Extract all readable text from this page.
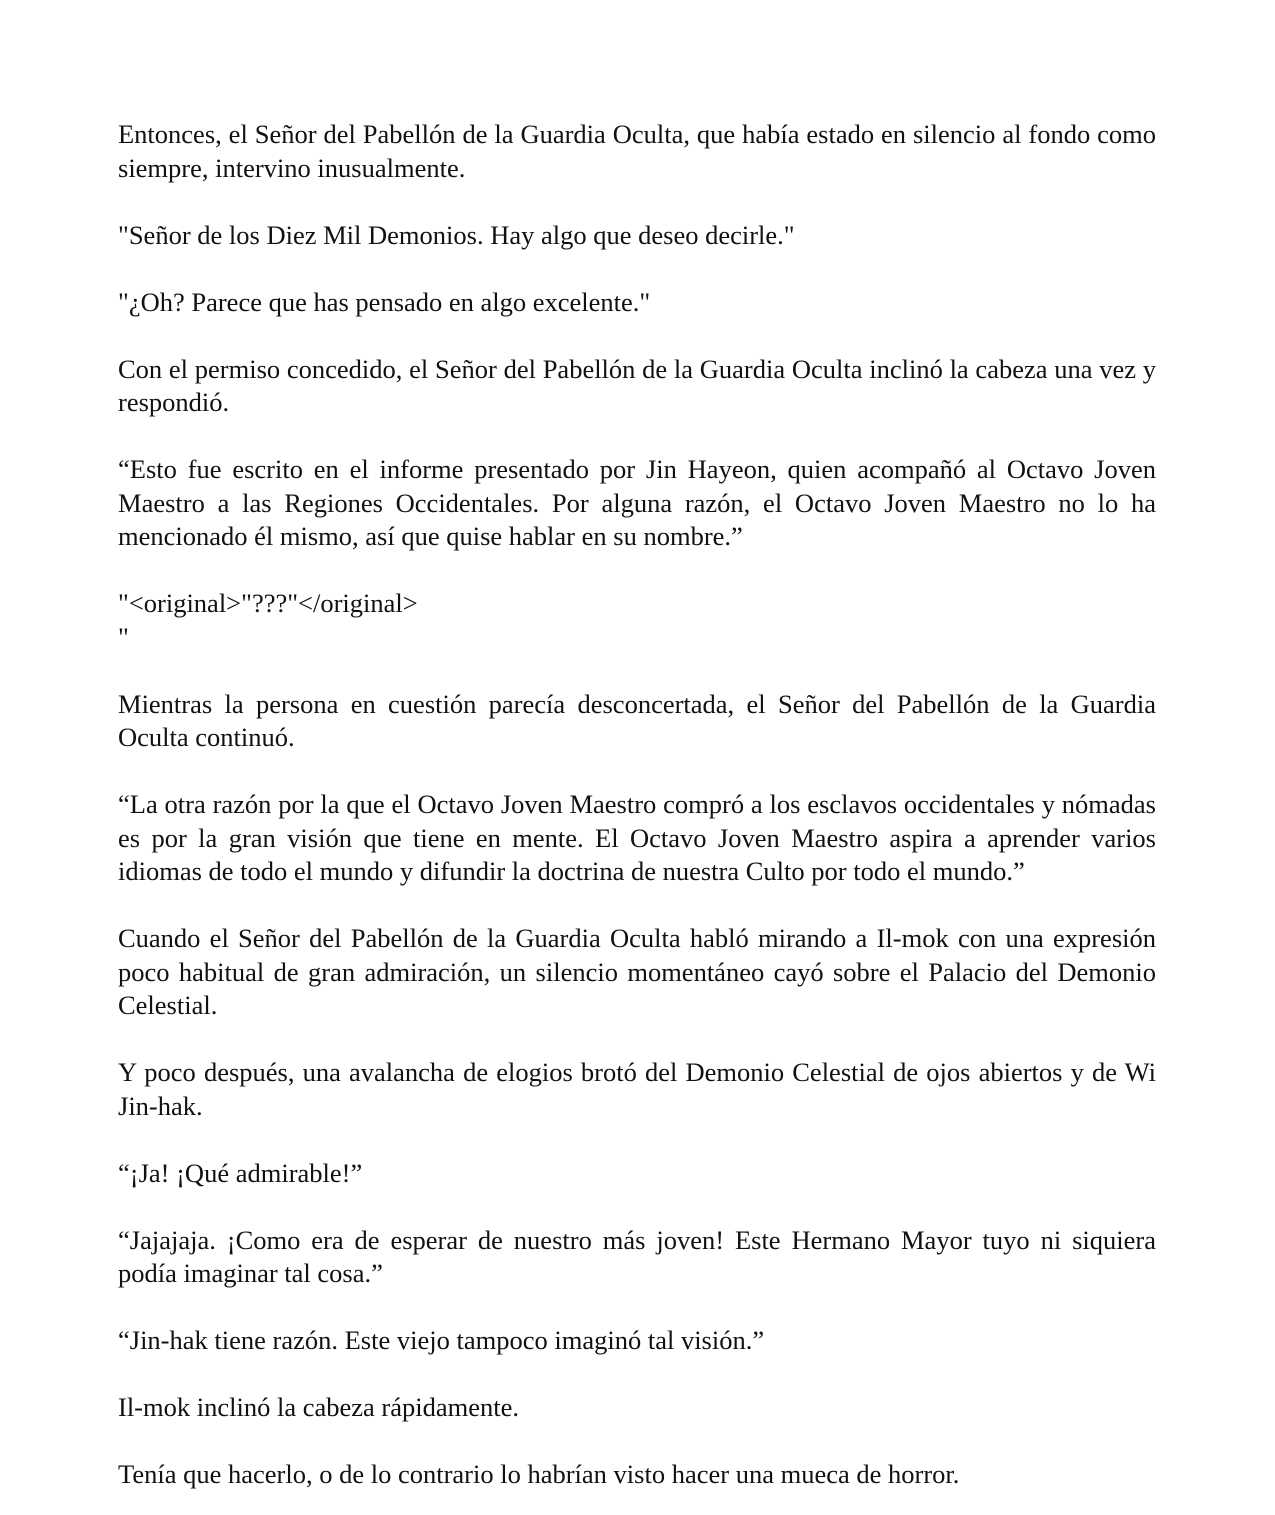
Entonces, el Señor del Pabellón de la Guardia Oculta, que había estado en silencio al fondo como siempre, intervino inusualmente.

"Señor de los Diez Mil Demonios. Hay algo que deseo decirle."

"¿Oh? Parece que has pensado en algo excelente."

Con el permiso concedido, el Señor del Pabellón de la Guardia Oculta inclinó la cabeza una vez y respondió.

“Esto fue escrito en el informe presentado por Jin Hayeon, quien acompañó al Octavo Joven Maestro a las Regiones Occidentales. Por alguna razón, el Octavo Joven Maestro no lo ha mencionado él mismo, así que quise hablar en su nombre.”

"<original>"???"</original>
"

Mientras la persona en cuestión parecía desconcertada, el Señor del Pabellón de la Guardia Oculta continuó.

“La otra razón por la que el Octavo Joven Maestro compró a los esclavos occidentales y nómadas es por la gran visión que tiene en mente. El Octavo Joven Maestro aspira a aprender varios idiomas de todo el mundo y difundir la doctrina de nuestra Culto por todo el mundo.”

Cuando el Señor del Pabellón de la Guardia Oculta habló mirando a Il-mok con una expresión poco habitual de gran admiración, un silencio momentáneo cayó sobre el Palacio del Demonio Celestial.

Y poco después, una avalancha de elogios brotó del Demonio Celestial de ojos abiertos y de Wi Jin-hak.

“¡Ja! ¡Qué admirable!”

“Jajajaja. ¡Como era de esperar de nuestro más joven! Este Hermano Mayor tuyo ni siquiera podía imaginar tal cosa.”

“Jin-hak tiene razón. Este viejo tampoco imaginó tal visión.”

Il-mok inclinó la cabeza rápidamente.

Tenía que hacerlo, o de lo contrario lo habrían visto hacer una mueca de horror.
